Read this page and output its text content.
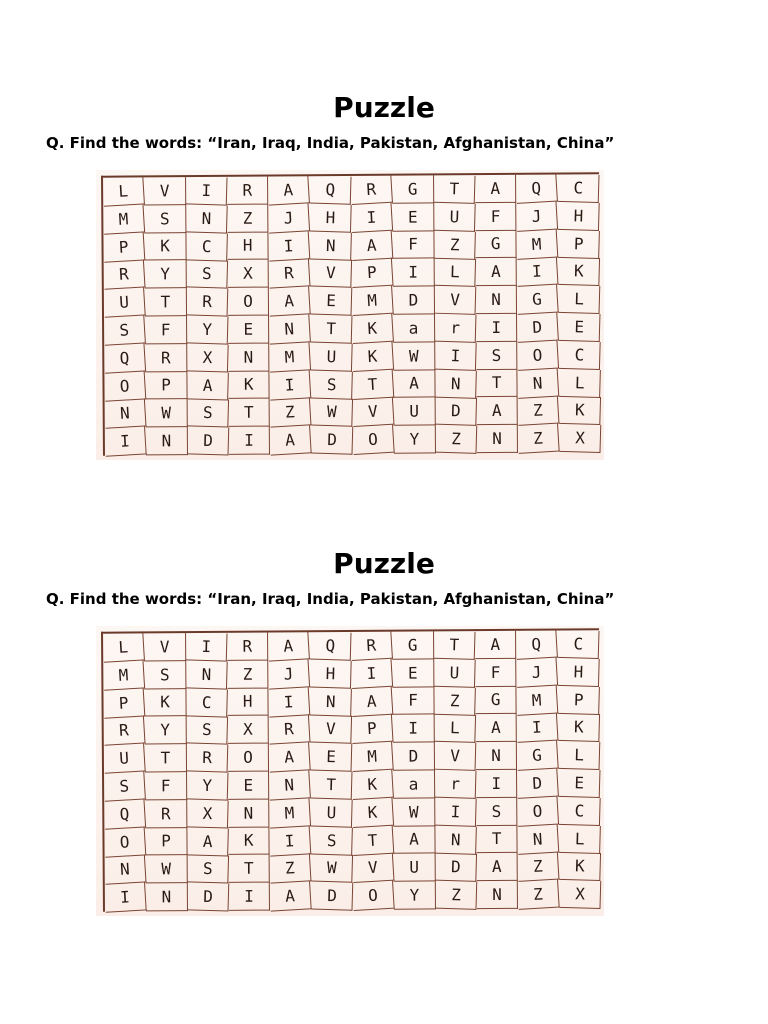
Puzzle
Q. Find the words: “Iran, Iraq, India, Pakistan, Afghanistan, China”
L	V	I	R	A	Q	R	G	T	A	Q	C
M	S	N	Z	J	H	I	E	U	F	J	H
P	K	C	H	I	N	A	F	Z	G	M	P
R	Y	S	X	R	V	P	I	L	A	I	K
U	T	R	O	A	E	M	D	V	N	G	L
S	F	Y	E	N	T	K	a	r	I	D	E
Q	R	X	N	M	U	K	W	I	S	O	C
O	P	A	K	I	S	T	A	N	T	N	L
N	W	S	T	Z	W	V	U	D	A	Z	K
I	N	D	I	A	D	O	Y	Z	N	Z	X
Puzzle
Q. Find the words: “Iran, Iraq, India, Pakistan, Afghanistan, China”
L	V	I	R	A	Q	R	G	T	A	Q	C
M	S	N	Z	J	H	I	E	U	F	J	H
P	K	C	H	I	N	A	F	Z	G	M	P
R	Y	S	X	R	V	P	I	L	A	I	K
U	T	R	O	A	E	M	D	V	N	G	L
S	F	Y	E	N	T	K	a	r	I	D	E
Q	R	X	N	M	U	K	W	I	S	O	C
O	P	A	K	I	S	T	A	N	T	N	L
N	W	S	T	Z	W	V	U	D	A	Z	K
I	N	D	I	A	D	O	Y	Z	N	Z	X
